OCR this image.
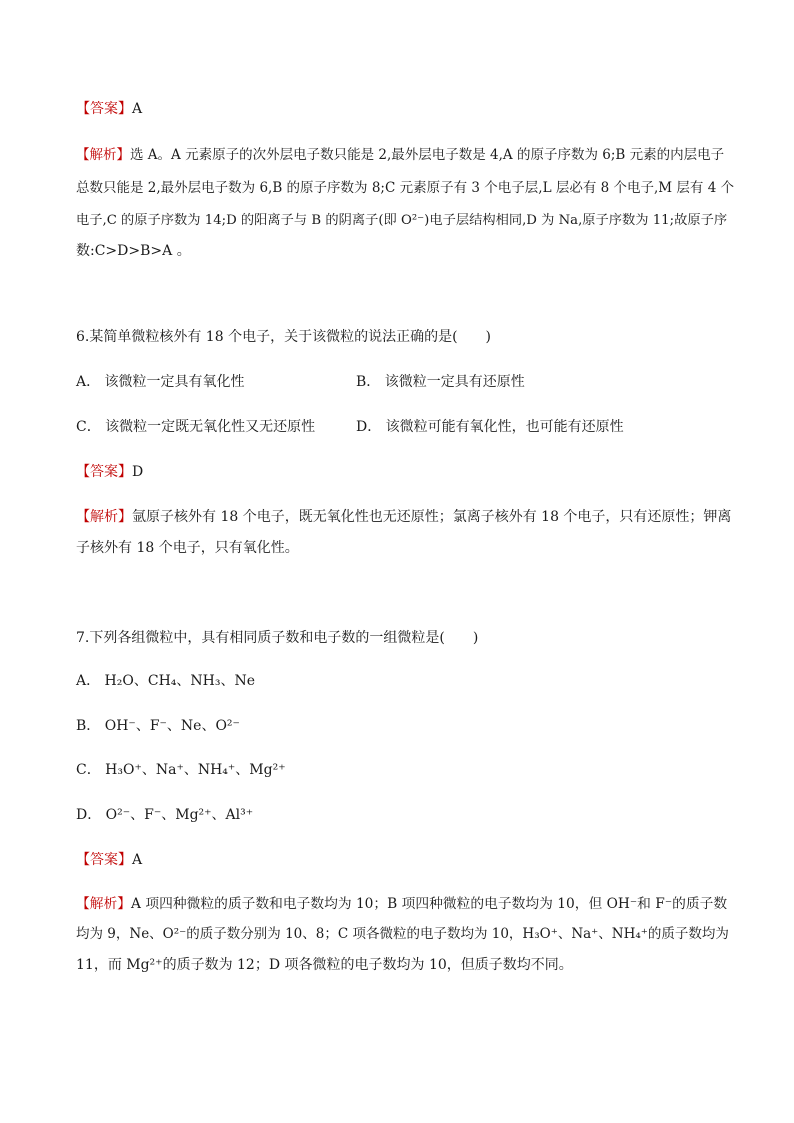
【答案】A
【解析】选 A。A 元素原子的次外层电子数只能是 2,最外层电子数是 4,A 的原子序数为 6;B 元素的内层电子
总数只能是 2,最外层电子数为 6,B 的原子序数为 8;C 元素原子有 3 个电子层,L 层必有 8 个电子,M 层有 4 个
电子,C 的原子序数为 14;D 的阳离子与 B 的阴离子(即 O²⁻)电子层结构相同,D 为 Na,原子序数为 11;故原子序
数:C>D>B>A 。
6.某简单微粒核外有 18 个电子，关于该微粒的说法正确的是(　　)
A． 该微粒一定具有氧化性	B． 该微粒一定具有还原性
C． 该微粒一定既无氧化性又无还原性	D． 该微粒可能有氧化性，也可能有还原性
【答案】D
【解析】氩原子核外有 18 个电子，既无氧化性也无还原性；氯离子核外有 18 个电子，只有还原性；钾离
子核外有 18 个电子，只有氧化性。
7.下列各组微粒中，具有相同质子数和电子数的一组微粒是(　　)
A． H₂O、CH₄、NH₃、Ne
B． OH⁻、F⁻、Ne、O²⁻
C． H₃O⁺、Na⁺、NH₄⁺、Mg²⁺
D． O²⁻、F⁻、Mg²⁺、Al³⁺
【答案】A
【解析】A 项四种微粒的质子数和电子数均为 10；B 项四种微粒的电子数均为 10，但 OH⁻和 F⁻的质子数
均为 9，Ne、O²⁻的质子数分别为 10、8；C 项各微粒的电子数均为 10，H₃O⁺、Na⁺、NH₄⁺的质子数均为
11，而 Mg²⁺的质子数为 12；D 项各微粒的电子数均为 10，但质子数均不同。
